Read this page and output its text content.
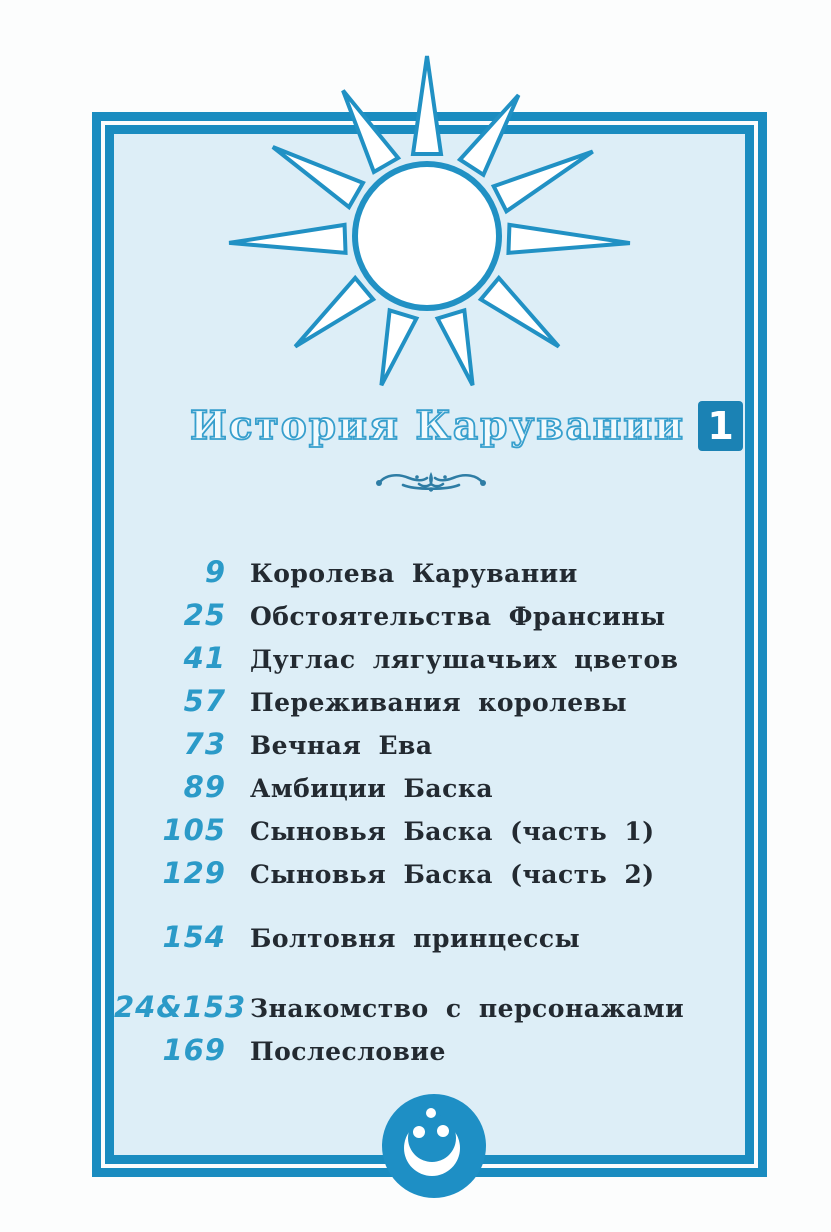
История Карувании 1
9 Королева Карувании
25 Обстоятельства Франсины
41 Дуглас лягушачьих цветов
57 Переживания королевы
73 Вечная Ева
89 Амбиции Баска
105 Сыновья Баска (часть 1)
129 Сыновья Баска (часть 2)
154 Болтовня принцессы
24&153 Знакомство с персонажами
169 Послесловие
